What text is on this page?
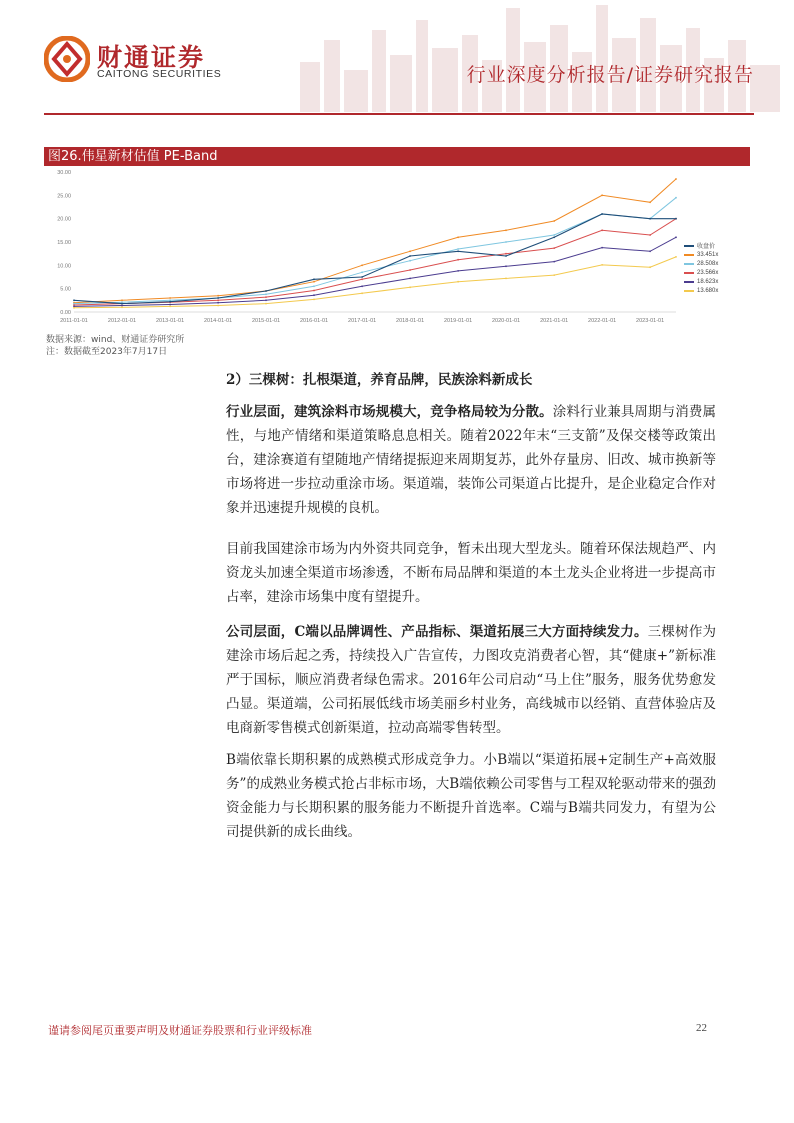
财通证券
CAITONG SECURITIES	行业深度分析报告/证券研究报告
图26.伟星新材估值 PE-Band
0.00
5.00
10.00
15.00
20.00
25.00
30.00
2011-01-01	2012-01-01	2013-01-01	2014-01-01	2015-01-01	2016-01-01	2017-01-01	2018-01-01	2019-01-01	2020-01-01	2021-01-01	2022-01-01	2023-01-01
收盘价
33.451x
28.508x
23.566x
18.623x
13.680x
数据来源：wind、财通证券研究所
注：数据截至2023年7月17日
2）三棵树：扎根渠道，养育品牌，民族涂料新成长

行业层面，建筑涂料市场规模大，竞争格局较为分散。涂料行业兼具周期与消费属性，与地产情绪和渠道策略息息相关。随着2022年末“三支箭”及保交楼等政策出台，建涂赛道有望随地产情绪提振迎来周期复苏，此外存量房、旧改、城市换新等市场将进一步拉动重涂市场。渠道端，装饰公司渠道占比提升，是企业稳定合作对象并迅速提升规模的良机。

目前我国建涂市场为内外资共同竞争，暂未出现大型龙头。随着环保法规趋严、内资龙头加速全渠道市场渗透，不断布局品牌和渠道的本土龙头企业将进一步提高市占率，建涂市场集中度有望提升。

公司层面，C端以品牌调性、产品指标、渠道拓展三大方面持续发力。三棵树作为建涂市场后起之秀，持续投入广告宣传，力图攻克消费者心智，其“健康+”新标准严于国标，顺应消费者绿色需求。2016年公司启动“马上住”服务，服务优势愈发凸显。渠道端，公司拓展低线市场美丽乡村业务，高线城市以经销、直营体验店及电商新零售模式创新渠道，拉动高端零售转型。

B端依靠长期积累的成熟模式形成竞争力。小B端以“渠道拓展+定制生产+高效服务”的成熟业务模式抢占非标市场，大B端依赖公司零售与工程双轮驱动带来的强劲资金能力与长期积累的服务能力不断提升首选率。C端与B端共同发力，有望为公司提供新的成长曲线。

谨请参阅尾页重要声明及财通证券股票和行业评级标准	22
